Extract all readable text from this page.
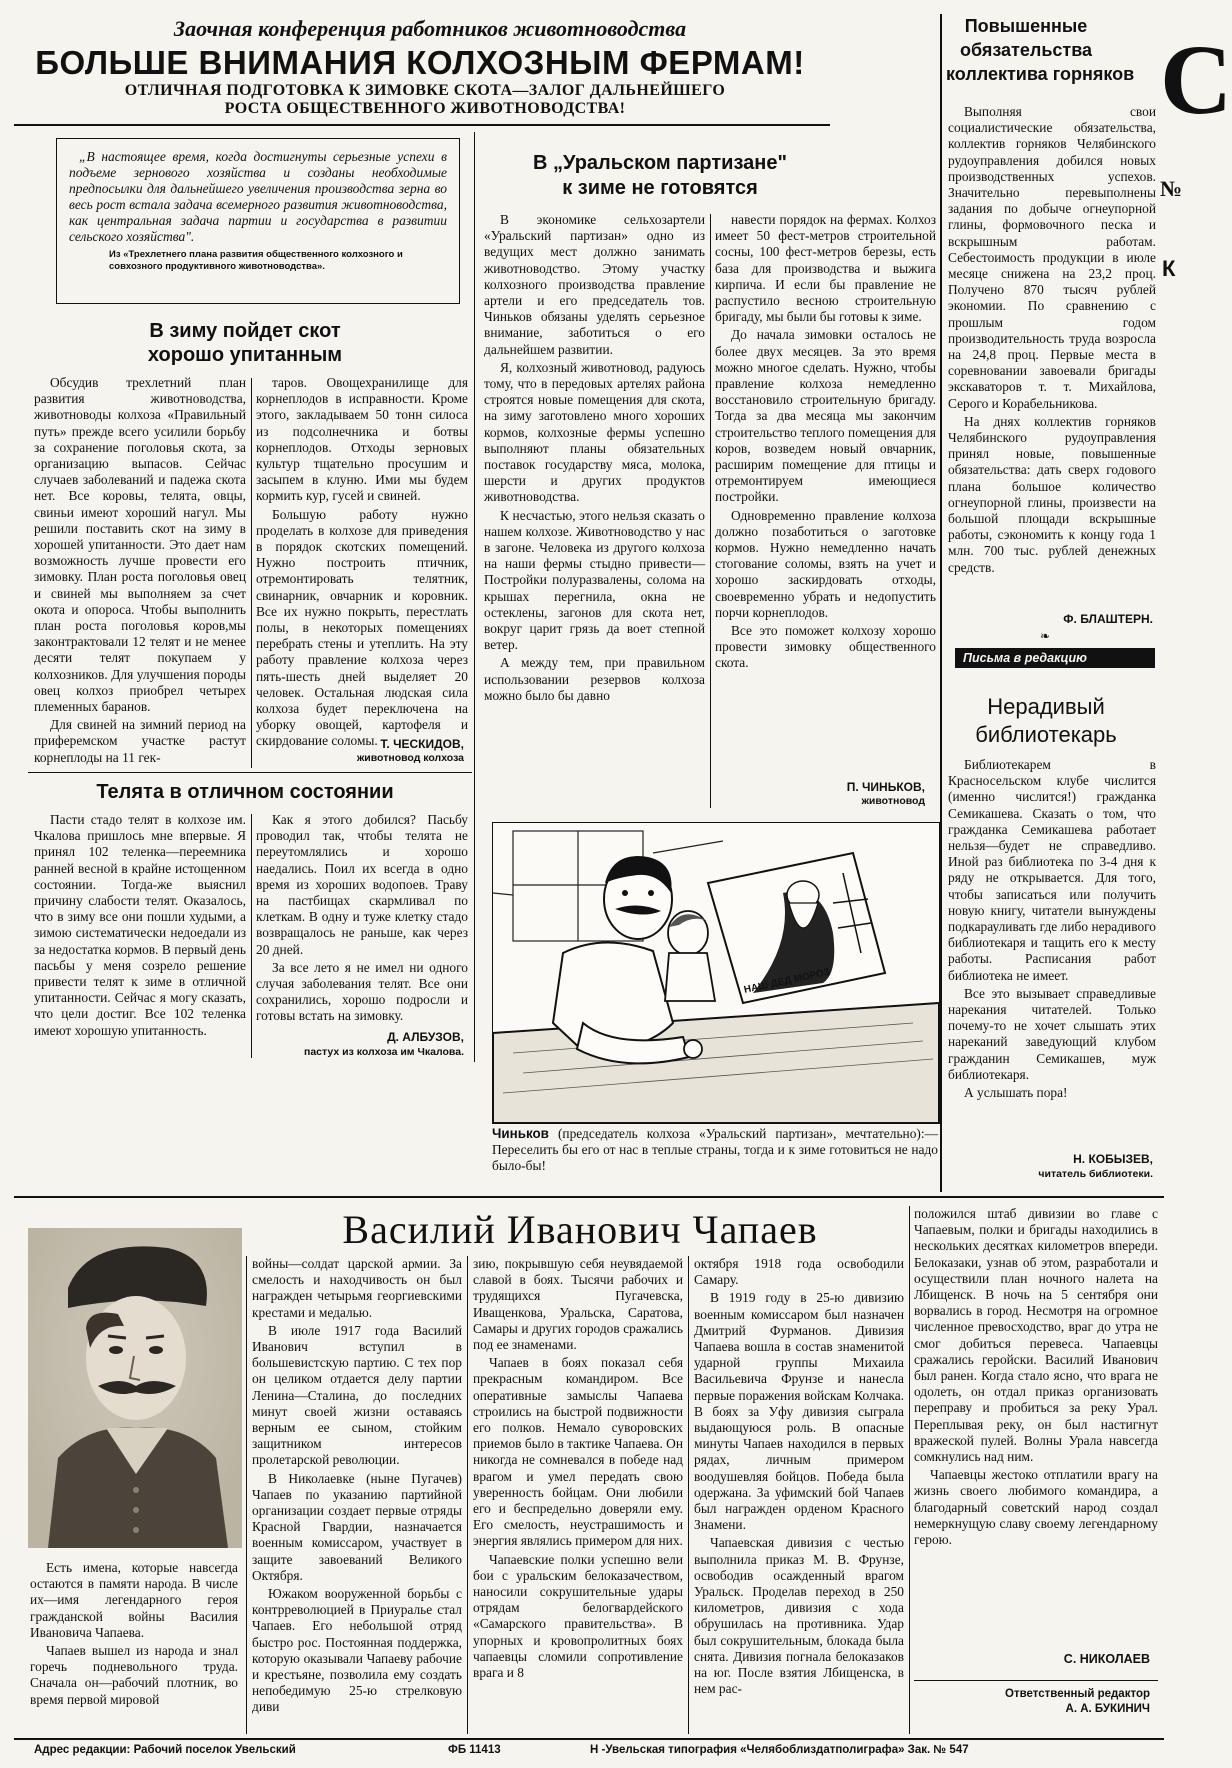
Заочная конференция работников животноводства
БОЛЬШЕ ВНИМАНИЯ КОЛХОЗНЫМ ФЕРМАМ!
ОТЛИЧНАЯ ПОДГОТОВКА К ЗИМОВКЕ СКОТА—ЗАЛОГ ДАЛЬНЕЙШЕГО
РОСТА ОБЩЕСТВЕННОГО ЖИВОТНОВОДСТВА!
„В настоящее время, когда достигнуты серьезные успехи в подъеме зернового хозяйства и созданы необходимые предпосылки для дальнейшего увеличения производства зерна во весь рост встала задача всемерного развития животноводства, как центральная задача партии и государства в развитии сельского хозяйства".
Из «Трехлетнего плана развития общественного колхозного и совхозного продуктивного животноводства».
В зиму пойдет скот
хорошо упитанным

Обсудив трехлетний план развития животноводства, животноводы колхоза «Правильный путь» прежде всего усилили борьбу за сохранение поголовья скота, за организацию выпасов. Сейчас случаев заболеваний и падежа скота нет. Все коровы, телята, овцы, свиньи имеют хороший нагул. Мы решили поставить скот на зиму в хорошей упитанности. Это дает нам возможность лучше провести его зимовку. План роста поголовья овец и свиней мы выполняем за счет окота и опороса. Чтобы выполнить план роста поголовья коров,мы законтрактовали 12 телят и не менее десяти телят покупаем у колхозников. Для улучшения породы овец колхоз приобрел четырех племенных баранов.

Для свиней на зимний период на приферемском участке растут корнеплоды на 11 гек-

таров. Овощехранилище для корнеплодов в исправности. Кроме этого, закладываем 50 тонн силоса из подсолнечника и ботвы корнеплодов. Отходы зерновых культур тщательно просушим и засыпем в клуню. Ими мы будем кормить кур, гусей и свиней.

Большую работу нужно проделать в колхозе для приведения в порядок скотских помещений. Нужно построить птичник, отремонтировать телятник, свинарник, овчарник и коровник. Все их нужно покрыть, перестлать полы, в некоторых помещениях перебрать стены и утеплить. На эту работу правление колхоза через пять-шесть дней выделяет 20 человек. Остальная людская сила колхоза будет переключена на уборку овощей, картофеля и скирдование соломы. Т. ЧЕСКИДОВ,
животновод колхоза
Телята в отличном состоянии

Пасти стадо телят в колхозе им. Чкалова пришлось мне впервые. Я принял 102 теленка—переемника ранней весной в крайне истощенном состоянии. Тогда-же выяснил причину слабости телят. Оказалось, что в зиму все они пошли худыми, а зимою систематически недоедали из за недостатка кормов. В первый день пасьбы у меня созрело решение привести телят к зиме в отличной упитанности. Сейчас я могу сказать, что цели достиг. Все 102 теленка имеют хорошую упитанность.

Как я этого добился? Пасьбу проводил так, чтобы телята не переутомлялись и хорошо наедались. Поил их всегда в одно время из хороших водопоев. Траву на пастбищах скармливал по клеткам. В одну и туже клетку стадо возвращалось не раньше, как через 20 дней.

За все лето я не имел ни одного случая заболевания телят. Все они сохранились, хорошо подросли и готовы встать на зимовку.

Д. АЛБУЗОВ,
пастух из колхоза им Чкалова.
В „Уральском партизане"
к зиме не готовятся

В экономике сельхозартели «Уральский партизан» одно из ведущих мест должно занимать животноводство. Этому участку колхозного производства правление артели и его председатель тов. Чиньков обязаны уделять серьезное внимание, заботиться о его дальнейшем развитии.

Я, колхозный животновод, радуюсь тому, что в передовых артелях района строятся новые помещения для скота, на зиму заготовлено много хороших кормов, колхозные фермы успешно выполняют планы обязательных поставок государству мяса, молока, шерсти и других продуктов животноводства.

К несчастью, этого нельзя сказать о нашем колхозе. Животноводство у нас в загоне. Человека из другого колхоза на наши фермы стыдно привести—Постройки полуразвалены, солома на крышах перегнила, окна не остеклены, загонов для скота нет, вокруг царит грязь да воет степной ветер.

А между тем, при правильном использовании резервов колхоза можно было бы давно

навести порядок на фермах. Колхоз имеет 50 фест-метров строительной сосны, 100 фест-метров березы, есть база для производства и выжига кирпича. И если бы правление не распустило весною строительную бригаду, мы были бы готовы к зиме.

До начала зимовки осталось не более двух месяцев. За это время можно многое сделать. Нужно, чтобы правление колхоза немедленно восстановило строительную бригаду. Тогда за два месяца мы закончим строительство теплого помещения для коров, возведем новый овчарник, расширим помещение для птицы и отремонтируем имеющиеся постройки.

Одновременно правление колхоза должно позаботиться о заготовке кормов. Нужно немедленно начать стогование соломы, взять на учет и хорошо заскирдовать отходы, своевременно убрать и недопустить порчи корнеплодов.

Все это поможет колхозу хорошо провести зимовку общественного скота.

П. ЧИНЬКОВ,
животновод
НАШ ДЕД МОРОЗ
Чиньков (председатель колхоза «Уральский партизан», мечтательно):—Переселить бы его от нас в теплые страны, тогда и к зиме готовиться не надо было-бы!
Повышенные
обязательства
коллектива горняков

Выполняя свои социалистические обязательства, коллектив горняков Челябинского рудоуправления добился новых производственных успехов. Значительно перевыполнены задания по добыче огнеупорной глины, формовочного песка и вскрышным работам. Себестоимость продукции в июле месяце снижена на 23,2 проц. Получено 870 тысяч рублей экономии. По сравнению с прошлым годом производительность труда возросла на 24,8 проц. Первые места в соревновании завоевали бригады экскаваторов т. т. Михайлова, Серого и Корабельникова.

На днях коллектив горняков Челябинского рудоуправления принял новые, повышенные обязательства: дать сверх годового плана большое количество огнеупорной глины, произвести на большой площади вскрышные работы, сэкономить к концу года 1 млн. 700 тыс. рублей денежных средств.

Ф. БЛАШТЕРН.
❧
Письма в редакцию
Нерадивый
библиотекарь

Библиотекарем в Красносельском клубе числится (именно числится!) гражданка Семикашева. Сказать о том, что гражданка Семикашева работает нельзя—будет не справедливо. Иной раз библиотека по 3-4 дня к ряду не открывается. Для того, чтобы записаться или получить новую книгу, читатели вынуждены подкарауливать где либо нерадивого библиотекаря и тащить его к месту работы. Расписания работ библиотека не имеет.

Все это вызывает справедливые нарекания читателей. Только почему-то не хочет слышать этих нареканий заведующий клубом гражданин Семикашев, муж библиотекаря.

А услышать пора!

Н. КОБЫЗЕВ,
читатель библиотеки.
С
№
К
Василий Иванович Чапаев

Есть имена, которые навсегда остаются в памяти народа. В числе их—имя легендарного героя гражданской войны Василия Ивановича Чапаева.

Чапаев вышел из народа и знал горечь подневольного труда. Сначала он—рабочий плотник, во время первой мировой

войны—солдат царской армии. За смелость и находчивость он был награжден четырьмя георгиевскими крестами и медалью.

В июле 1917 года Василий Иванович вступил в большевистскую партию. С тех пор он целиком отдается делу партии Ленина—Сталина, до последних минут своей жизни оставаясь верным ее сыном, стойким защитником интересов пролетарской революции.

В Николаевке (ныне Пугачев) Чапаев по указанию партийной организации создает первые отряды Красной Гвардии, назначается военным комиссаром, участвует в защите завоеваний Великого Октября.

Южаком вооруженной борьбы с контрреволюцией в Приуралье стал Чапаев. Его небольшой отряд быстро рос. Постоянная поддержка, которую оказывали Чапаеву рабочие и крестьяне, позволила ему создать непобедимую 25-ю стрелковую диви

зию, покрывшую себя неувядаемой славой в боях. Тысячи рабочих и трудящихся Пугачевска, Иващенкова, Уральска, Саратова, Самары и других городов сражались под ее знаменами.

Чапаев в боях показал себя прекрасным командиром. Все оперативные замыслы Чапаева строились на быстрой подвижности его полков. Немало суворовских приемов было в тактике Чапаева. Он никогда не сомневался в победе над врагом и умел передать свою уверенность бойцам. Они любили его и беспредельно доверяли ему. Его смелость, неустрашимость и энергия являлись примером для них.

Чапаевские полки успешно вели бои с уральским белоказачеством, наносили сокрушительные удары отрядам белогвардейского «Самарского правительства». В упорных и кровопролитных боях чапаевцы сломили сопротивление врага и 8

октября 1918 года освободили Самару.

В 1919 году в 25-ю дивизию военным комиссаром был назначен Дмитрий Фурманов. Дивизия Чапаева вошла в состав знаменитой ударной группы Михаила Васильевича Фрунзе и нанесла первые поражения войскам Колчака. В боях за Уфу дивизия сыграла выдающуюся роль. В опасные минуты Чапаев находился в первых рядах, личным примером воодушевляя бойцов. Победа была одержана. За уфимский бой Чапаев был награжден орденом Красного Знамени.

Чапаевская дивизия с честью выполнила приказ М. В. Фрунзе, освободив осажденный врагом Уральск. Проделав переход в 250 километров, дивизия с хода обрушилась на противника. Удар был сокрушительным, блокада была снята. Дивизия погнала белоказаков на юг. После взятия Лбищенска, в нем рас-

положился штаб дивизии во главе с Чапаевым, полки и бригады находились в нескольких десятках километров впереди. Белоказаки, узнав об этом, разработали и осуществили план ночного налета на Лбищенск. В ночь на 5 сентября они ворвались в город. Несмотря на огромное численное превосходство, враг до утра не смог добиться перевеса. Чапаевцы сражались геройски. Василий Иванович был ранен. Когда стало ясно, что врага не одолеть, он отдал приказ организовать переправу и пробиться за реку Урал. Переплывая реку, он был настигнут вражеской пулей. Волны Урала навсегда сомкнулись над ним.

Чапаевцы жестоко отплатили врагу на жизнь своего любимого командира, а благодарный советский народ создал немеркнущую славу своему легендарному герою.

С. НИКОЛАЕВ
Ответственный редактор
А. А. БУКИНИЧ
Адрес редакции: Рабочий поселок Увельский	ФБ 11413	Н -Увельская типография «Челябоблиздатполиграфа» Зак. № 547
